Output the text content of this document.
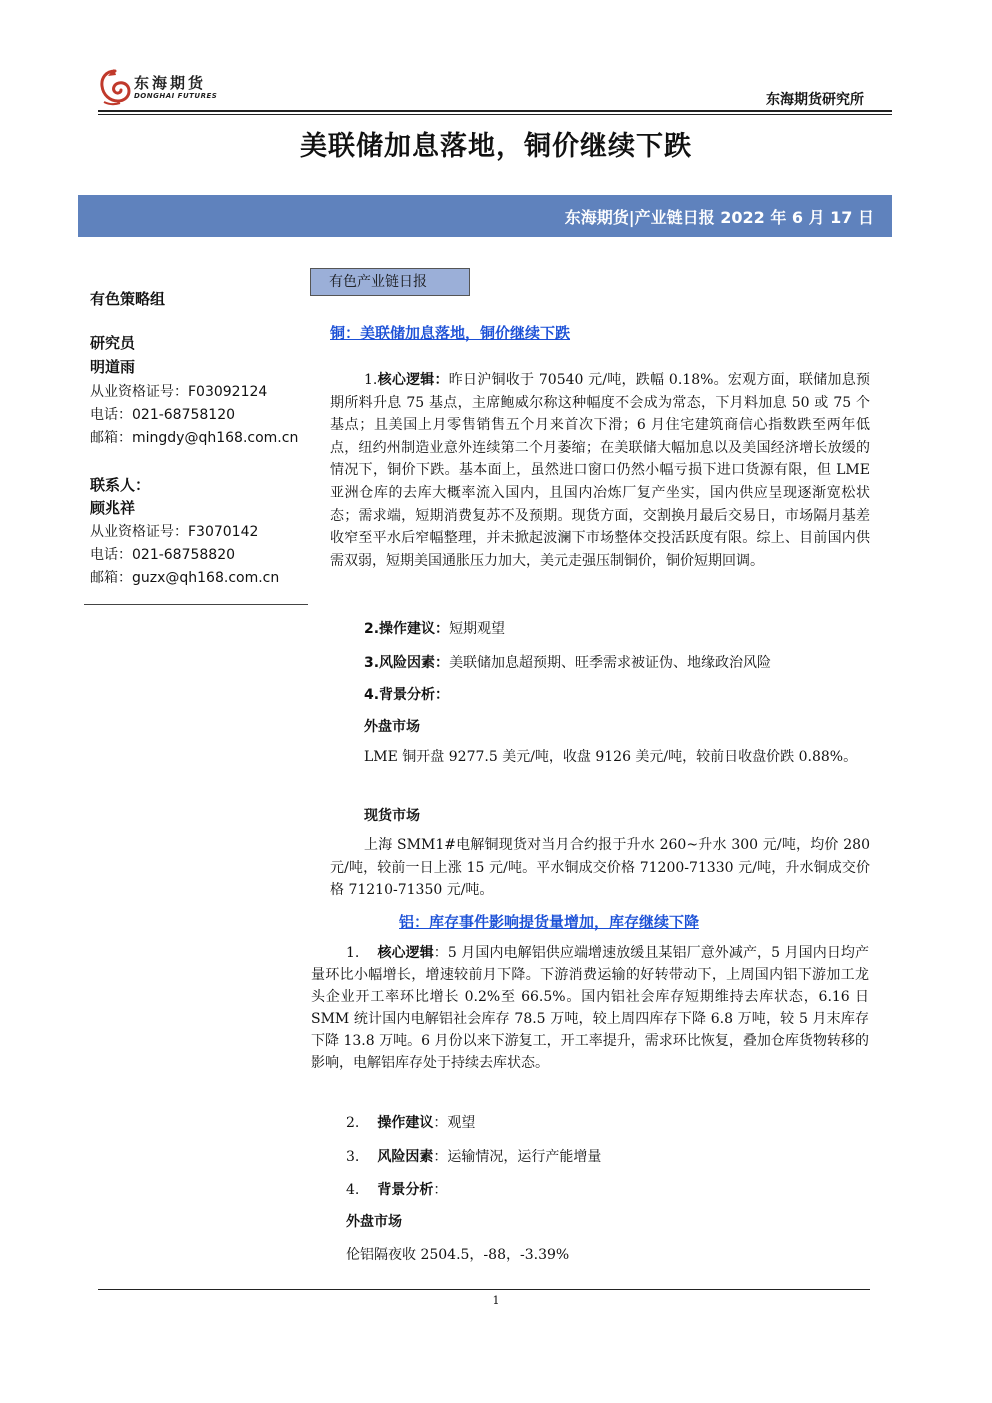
东海期货
DONGHAI FUTURES	东海期货研究所
美联储加息落地，铜价继续下跌
东海期货|产业链日报 2022 年 6 月 17 日
有色策略组
研究员
明道雨
从业资格证号：F03092124
电话：021-68758120
邮箱：mingdy@qh168.com.cn
联系人：
顾兆祥
从业资格证号：F3070142
电话：021-68758820
邮箱：guzx@qh168.com.cn
有色产业链日报
铜：美联储加息落地，铜价继续下跌
1.核心逻辑：昨日沪铜收于 70540 元/吨，跌幅 0.18%。宏观方面，联储加息预期所料升息 75 基点，主席鲍威尔称这种幅度不会成为常态，下月料加息 50 或 75 个基点；且美国上月零售销售五个月来首次下滑；6 月住宅建筑商信心指数跌至两年低点，纽约州制造业意外连续第二个月萎缩；在美联储大幅加息以及美国经济增长放缓的情况下，铜价下跌。基本面上，虽然进口窗口仍然小幅亏损下进口货源有限，但 LME 亚洲仓库的去库大概率流入国内，且国内冶炼厂复产坐实，国内供应呈现逐渐宽松状态；需求端，短期消费复苏不及预期。现货方面，交割换月最后交易日，市场隔月基差收窄至平水后窄幅整理，并未掀起波澜下市场整体交投活跃度有限。综上、目前国内供需双弱，短期美国通胀压力加大，美元走强压制铜价，铜价短期回调。
2.操作建议：短期观望
3.风险因素：美联储加息超预期、旺季需求被证伪、地缘政治风险
4.背景分析：
外盘市场
LME 铜开盘 9277.5 美元/吨，收盘 9126 美元/吨，较前日收盘价跌 0.88%。
现货市场
上海 SMM1#电解铜现货对当月合约报于升水 260~升水 300 元/吨，均价 280 元/吨，较前一日上涨 15 元/吨。平水铜成交价格 71200-71330 元/吨，升水铜成交价格 71210-71350 元/吨。
铝：库存事件影响提货量增加，库存继续下降
1. 核心逻辑：5 月国内电解铝供应端增速放缓且某铝厂意外减产，5 月国内日均产量环比小幅增长，增速较前月下降。下游消费运输的好转带动下，上周国内铝下游加工龙头企业开工率环比增长 0.2%至 66.5%。国内铝社会库存短期维持去库状态，6.16 日 SMM 统计国内电解铝社会库存 78.5 万吨，较上周四库存下降 6.8 万吨，较 5 月末库存下降 13.8 万吨。6 月份以来下游复工，开工率提升，需求环比恢复，叠加仓库货物转移的影响，电解铝库存处于持续去库状态。
2. 操作建议：观望
3. 风险因素：运输情况，运行产能增量
4. 背景分析：
外盘市场
伦铝隔夜收 2504.5，-88，-3.39%
1
